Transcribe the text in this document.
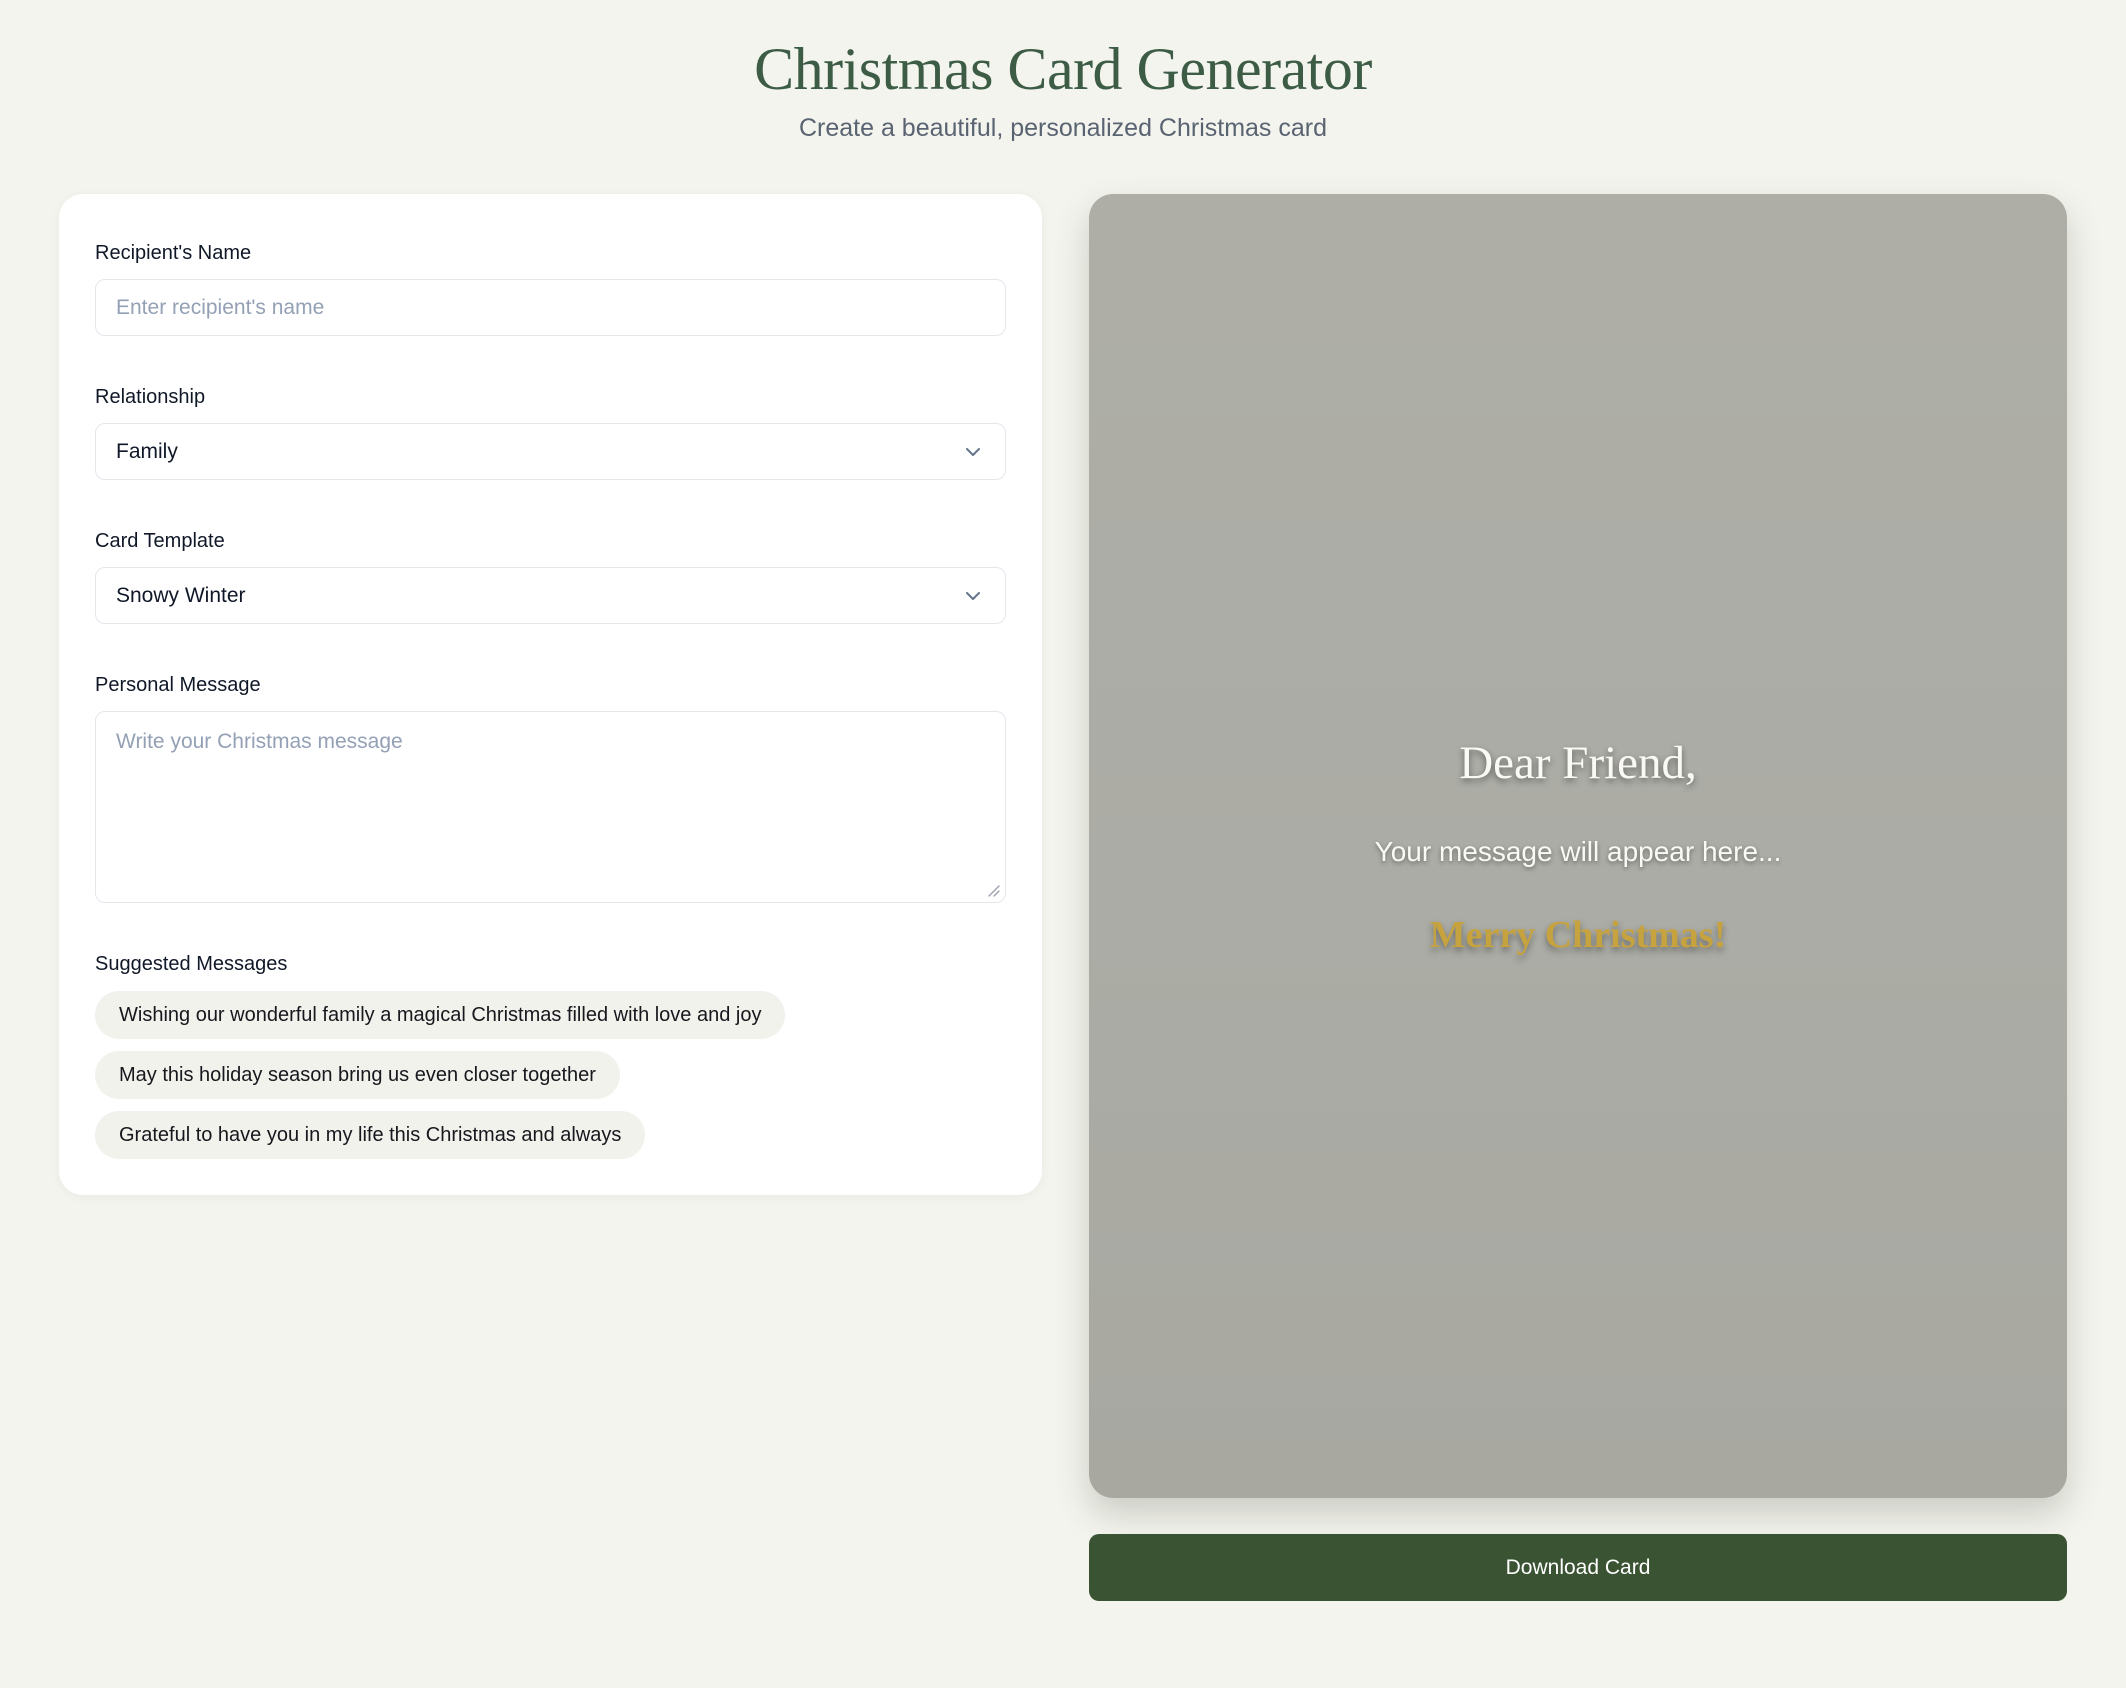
Christmas Card Generator

Create a beautiful, personalized Christmas card

Recipient's Name
Enter recipient's name
Relationship
Family
Card Template
Snowy Winter
Personal Message
Write your Christmas message
Suggested Messages
Wishing our wonderful family a magical Christmas filled with love and joy
May this holiday season bring us even closer together
Grateful to have you in my life this Christmas and always
Dear Friend,
Your message will appear here...
Merry Christmas!
Download Card
